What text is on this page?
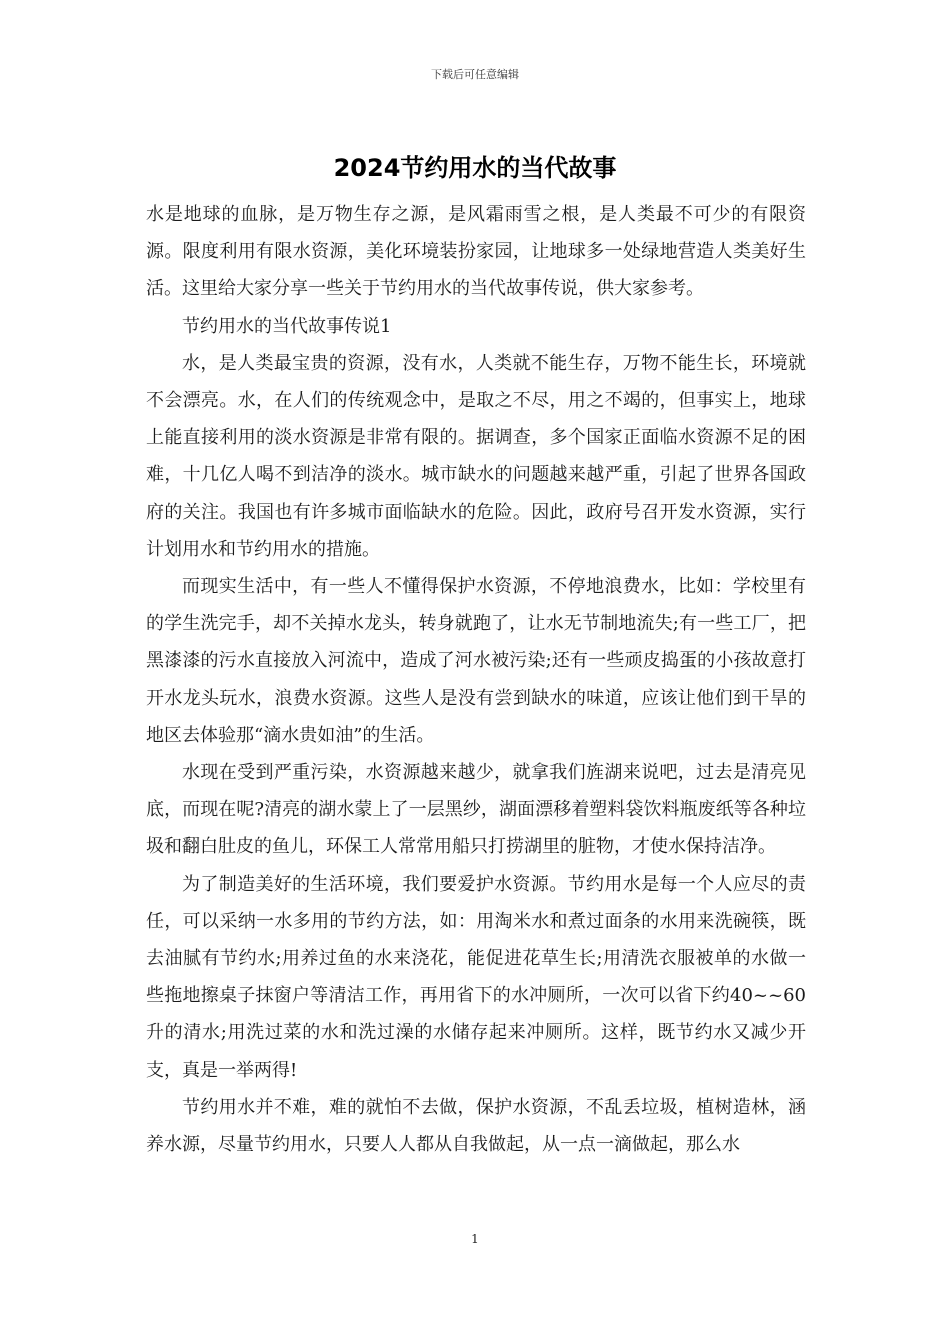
下载后可任意编辑
2024节约用水的当代故事

水是地球的血脉，是万物生存之源，是风霜雨雪之根，是人类最不可少的有限资源。限度利用有限水资源，美化环境装扮家园，让地球多一处绿地营造人类美好生活。这里给大家分享一些关于节约用水的当代故事传说，供大家参考。

节约用水的当代故事传说1

水，是人类最宝贵的资源，没有水，人类就不能生存，万物不能生长，环境就不会漂亮。水，在人们的传统观念中，是取之不尽，用之不竭的，但事实上，地球上能直接利用的淡水资源是非常有限的。据调查，多个国家正面临水资源不足的困难，十几亿人喝不到洁净的淡水。城市缺水的问题越来越严重，引起了世界各国政府的关注。我国也有许多城市面临缺水的危险。因此，政府号召开发水资源，实行计划用水和节约用水的措施。

而现实生活中，有一些人不懂得保护水资源，不停地浪费水，比如：学校里有的学生洗完手，却不关掉水龙头，转身就跑了，让水无节制地流失;有一些工厂，把黑漆漆的污水直接放入河流中，造成了河水被污染;还有一些顽皮捣蛋的小孩故意打开水龙头玩水，浪费水资源。这些人是没有尝到缺水的味道，应该让他们到干旱的地区去体验那“滴水贵如油”的生活。

水现在受到严重污染，水资源越来越少，就拿我们旌湖来说吧，过去是清亮见底，而现在呢?清亮的湖水蒙上了一层黑纱，湖面漂移着塑料袋饮料瓶废纸等各种垃圾和翻白肚皮的鱼儿，环保工人常常用船只打捞湖里的脏物，才使水保持洁净。

为了制造美好的生活环境，我们要爱护水资源。节约用水是每一个人应尽的责任，可以采纳一水多用的节约方法，如：用淘米水和煮过面条的水用来洗碗筷，既去油腻有节约水;用养过鱼的水来浇花，能促进花草生长;用清洗衣服被单的水做一些拖地擦桌子抹窗户等清洁工作，再用省下的水冲厕所，一次可以省下约40~~60升的清水;用洗过菜的水和洗过澡的水储存起来冲厕所。这样，既节约水又减少开支，真是一举两得!

节约用水并不难，难的就怕不去做，保护水资源，不乱丢垃圾，植树造林，涵养水源，尽量节约用水，只要人人都从自我做起，从一点一滴做起，那么水

1
